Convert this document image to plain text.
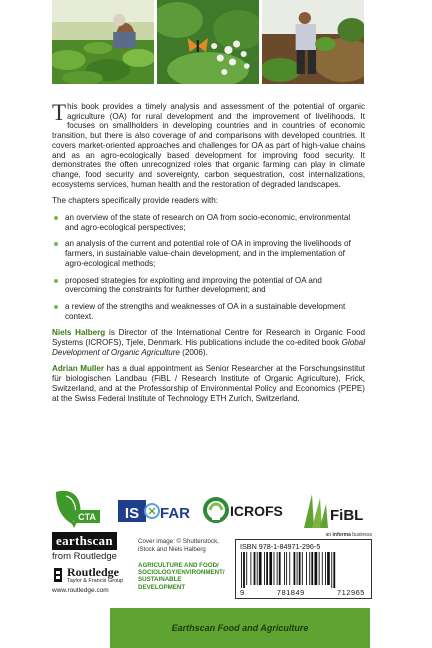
This book provides a timely analysis and assessment of the potential of organic agriculture (OA) for rural development and the improvement of livelihoods. It focuses on smallholders in developing countries and in countries of economic transition, but there is also coverage of and comparisons with developed countries. It covers market-oriented approaches and challenges for OA as part of high-value chains and as an agro-ecologically based development for improving food security. It demonstrates the often unrecognized roles that organic farming can play in climate change, food security and sovereignty, carbon sequestration, cost internalizations, ecosystems services, human health and the restoration of degraded landscapes.

The chapters specifically provide readers with:

an overview of the state of research on OA from socio-economic, environmental and agro-ecological perspectives;
an analysis of the current and potential role of OA in improving the livelihoods of farmers, in sustainable value-chain development, and in the implementation of agro-ecological methods;
proposed strategies for exploiting and improving the potential of OA and overcoming the constraints for further development; and
a review of the strengths and weaknesses of OA in a sustainable development context.

Niels Halberg is Director of the International Centre for Research in Organic Food Systems (ICROFS), Tjele, Denmark. His publications include the co-edited book Global Development of Organic Agriculture (2006).

Adrian Muller has a dual appointment as Senior Researcher at the Forschungsinstitut für biologischen Landbau (FiBL / Research Institute of Organic Agriculture), Frick, Switzerland, and at the Professorship of Environmental Policy and Economics (PEPE) at the Swiss Federal Institute of Technology ETH Zurich, Switzerland.

CTA IS FAR	ICROFS	FiBL
earthscan
from Routledge
Routledge
Taylor & Francis Group
www.routledge.com
Cover image: © Shutterstock, iStock and Niels Halberg
AGRICULTURE AND FOOD/ SOCIOLOGY/ENVIRONMENT/ SUSTAINABLE DEVELOPMENT
an informa business
ISBN 978-1-84971-296-5
9	781849	712965
Earthscan Food and Agriculture
